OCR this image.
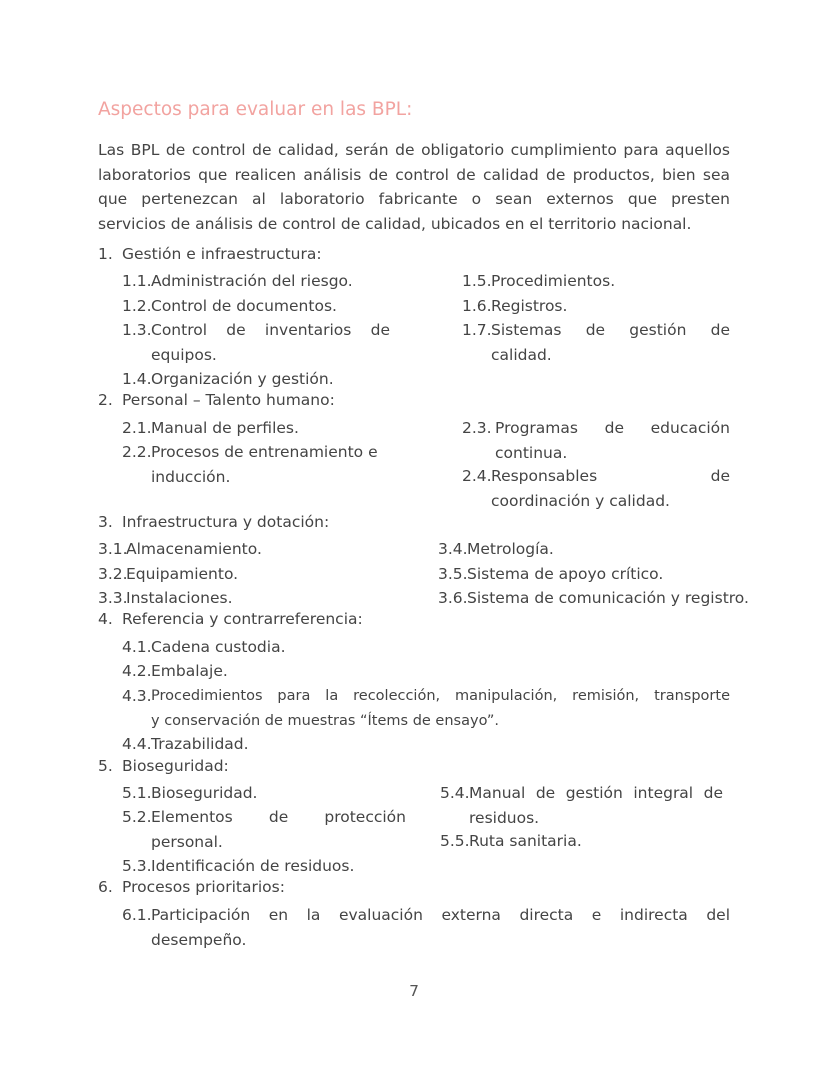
Aspectos para evaluar en las BPL:
Las BPL de control de calidad, serán de obligatorio cumplimiento para aquellos
laboratorios que realicen análisis de control de calidad de productos, bien sea
que pertenezcan al laboratorio fabricante o sean externos que presten
servicios de análisis de control de calidad, ubicados en el territorio nacional.
1. Gestión e infraestructura:
1.1. Administración del riesgo.
1.2. Control de documentos.
1.3. Control de inventarios de
equipos.
1.4. Organización y gestión.
1.5. Procedimientos.
1.6. Registros.
1.7. Sistemas de gestión de
calidad.
2. Personal – Talento humano:
2.1. Manual de perfiles.
2.2. Procesos de entrenamiento e
inducción.
2.3. Programas de educación
continua.
2.4. Responsables de
coordinación y calidad.
3. Infraestructura y dotación:
3.1.
Almacenamiento.
3.2.
Equipamiento.
3.3.
Instalaciones.
3.4. Metrología.
3.5. Sistema de apoyo crítico.
3.6. Sistema de comunicación y registro.
4. Referencia y contrarreferencia:
4.1. Cadena custodia.
4.2. Embalaje.
4.3. Procedimientos para la recolección, manipulación, remisión, transporte
y conservación de muestras “Ítems de ensayo”.
4.4. Trazabilidad.
5. Bioseguridad:
5.1. Bioseguridad.
5.2. Elementos de protección
personal.
5.3. Identificación de residuos.
5.4. Manual de gestión integral de
residuos.
5.5. Ruta sanitaria.
6. Procesos prioritarios:
6.1. Participación en la evaluación externa directa e indirecta del
desempeño.
7
